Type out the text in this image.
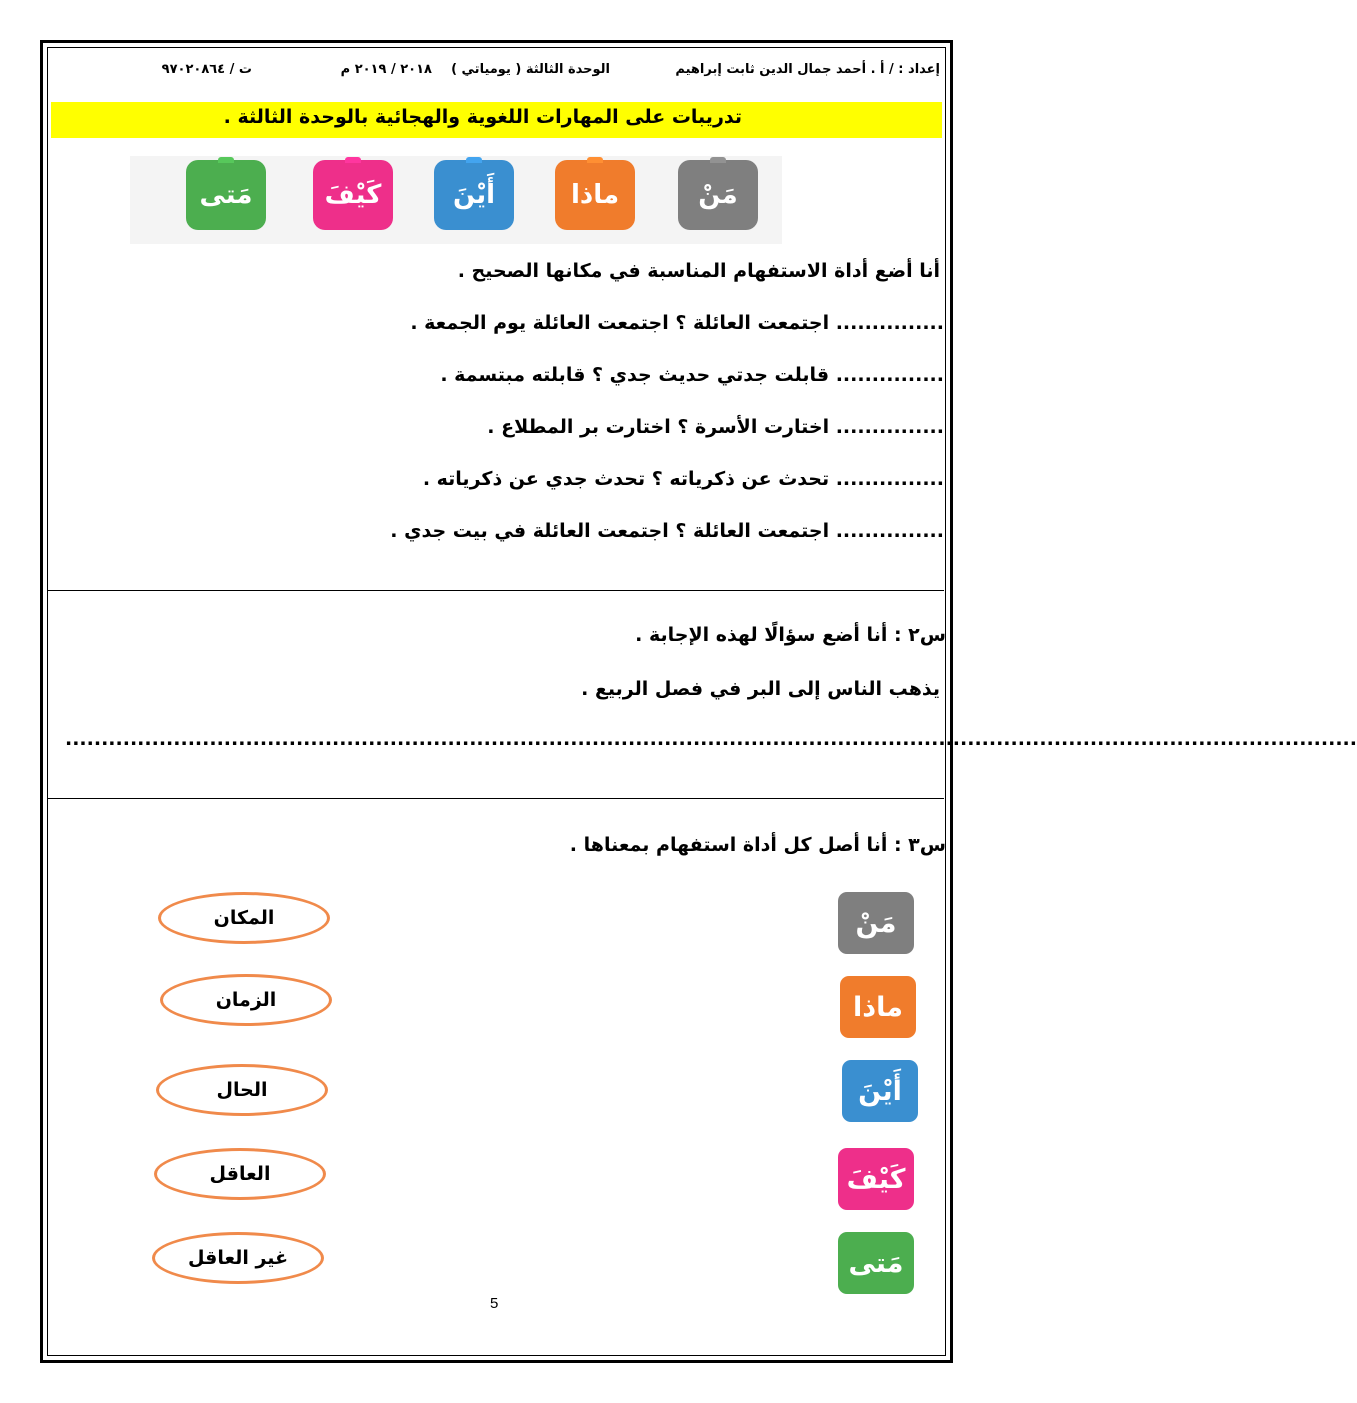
إعداد : / أ . أحمد جمال الدين ثابت إبراهيم
الوحدة الثالثة ( يومياتي )
٢٠١٨ / ٢٠١٩ م
ت / ٩٧٠٢٠٨٦٤
تدريبات على المهارات اللغوية والهجائية بالوحدة الثالثة .
مَنْ
ماذا
أَيْنَ
كَيْفَ
مَتى
أنا أضع أداة الاستفهام المناسبة في مكانها الصحيح .
............... اجتمعت العائلة ؟ اجتمعت العائلة يوم الجمعة .
............... قابلت جدتي حديث جدي ؟ قابلته مبتسمة .
............... اختارت الأسرة ؟ اختارت بر المطلاع .
............... تحدث عن ذكرياته ؟ تحدث جدي عن ذكرياته .
............... اجتمعت العائلة ؟ اجتمعت العائلة في بيت جدي .
س٢ : أنا أضع سؤالًا لهذه الإجابة .
يذهب الناس إلى البر في فصل الربيع .
...................................................................................................................................................................................
س٣ : أنا أصل كل أداة استفهام بمعناها .
مَنْ
ماذا
أَيْنَ
كَيْفَ
مَتى
المكان
الزمان
الحال
العاقل
غير العاقل
5
